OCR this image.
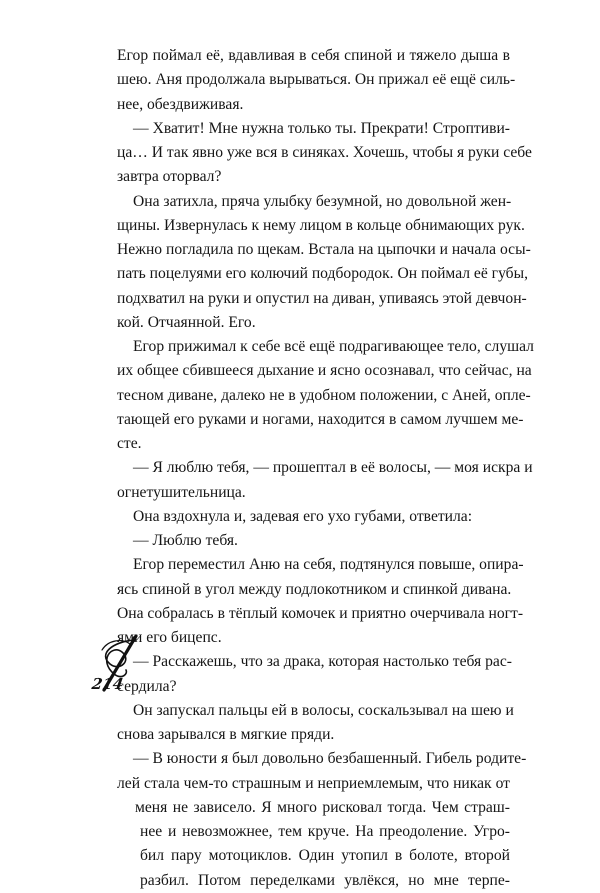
Егор поймал её, вдавливая в себя спиной и тяжело дыша в
шею. Аня продолжала вырываться. Он прижал её ещё силь-
нее, обездвиживая.
— Хватит! Мне нужна только ты. Прекрати! Строптиви-
ца… И так явно уже вся в синяках. Хочешь, чтобы я руки себе
завтра оторвал?
Она затихла, пряча улыбку безумной, но довольной жен-
щины. Извернулась к нему лицом в кольце обнимающих рук.
Нежно погладила по щекам. Встала на цыпочки и начала осы-
пать поцелуями его колючий подбородок. Он поймал её губы,
подхватил на руки и опустил на диван, упиваясь этой девчон-
кой. Отчаянной. Его.
Егор прижимал к себе всё ещё подрагивающее тело, слушал
их общее сбившееся дыхание и ясно осознавал, что сейчас, на
тесном диване, далеко не в удобном положении, с Аней, опле-
тающей его руками и ногами, находится в самом лучшем ме-
сте.
— Я люблю тебя, — прошептал в её волосы, — моя искра и
огнетушительница.
Она вздохнула и, задевая его ухо губами, ответила:
— Люблю тебя.
Егор переместил Аню на себя, подтянулся повыше, опира-
ясь спиной в угол между подлокотником и спинкой дивана.
Она собралась в тёплый комочек и приятно очерчивала ногт-
ями его бицепс.
— Расскажешь, что за драка, которая настолько тебя рас-
сердила?
Он запускал пальцы ей в волосы, соскальзывал на шею и
снова зарывался в мягкие пряди.
— В юности я был довольно безбашенный. Гибель родите-
лей стала чем-то страшным и неприемлемым, что никак от
меня не зависело. Я много рисковал тогда. Чем страш-
нее и невозможнее, тем круче. На преодоление. Угро-
бил пару мотоциклов. Один утопил в болоте, второй
разбил. Потом переделками увлёкся, но мне терпе-
214
